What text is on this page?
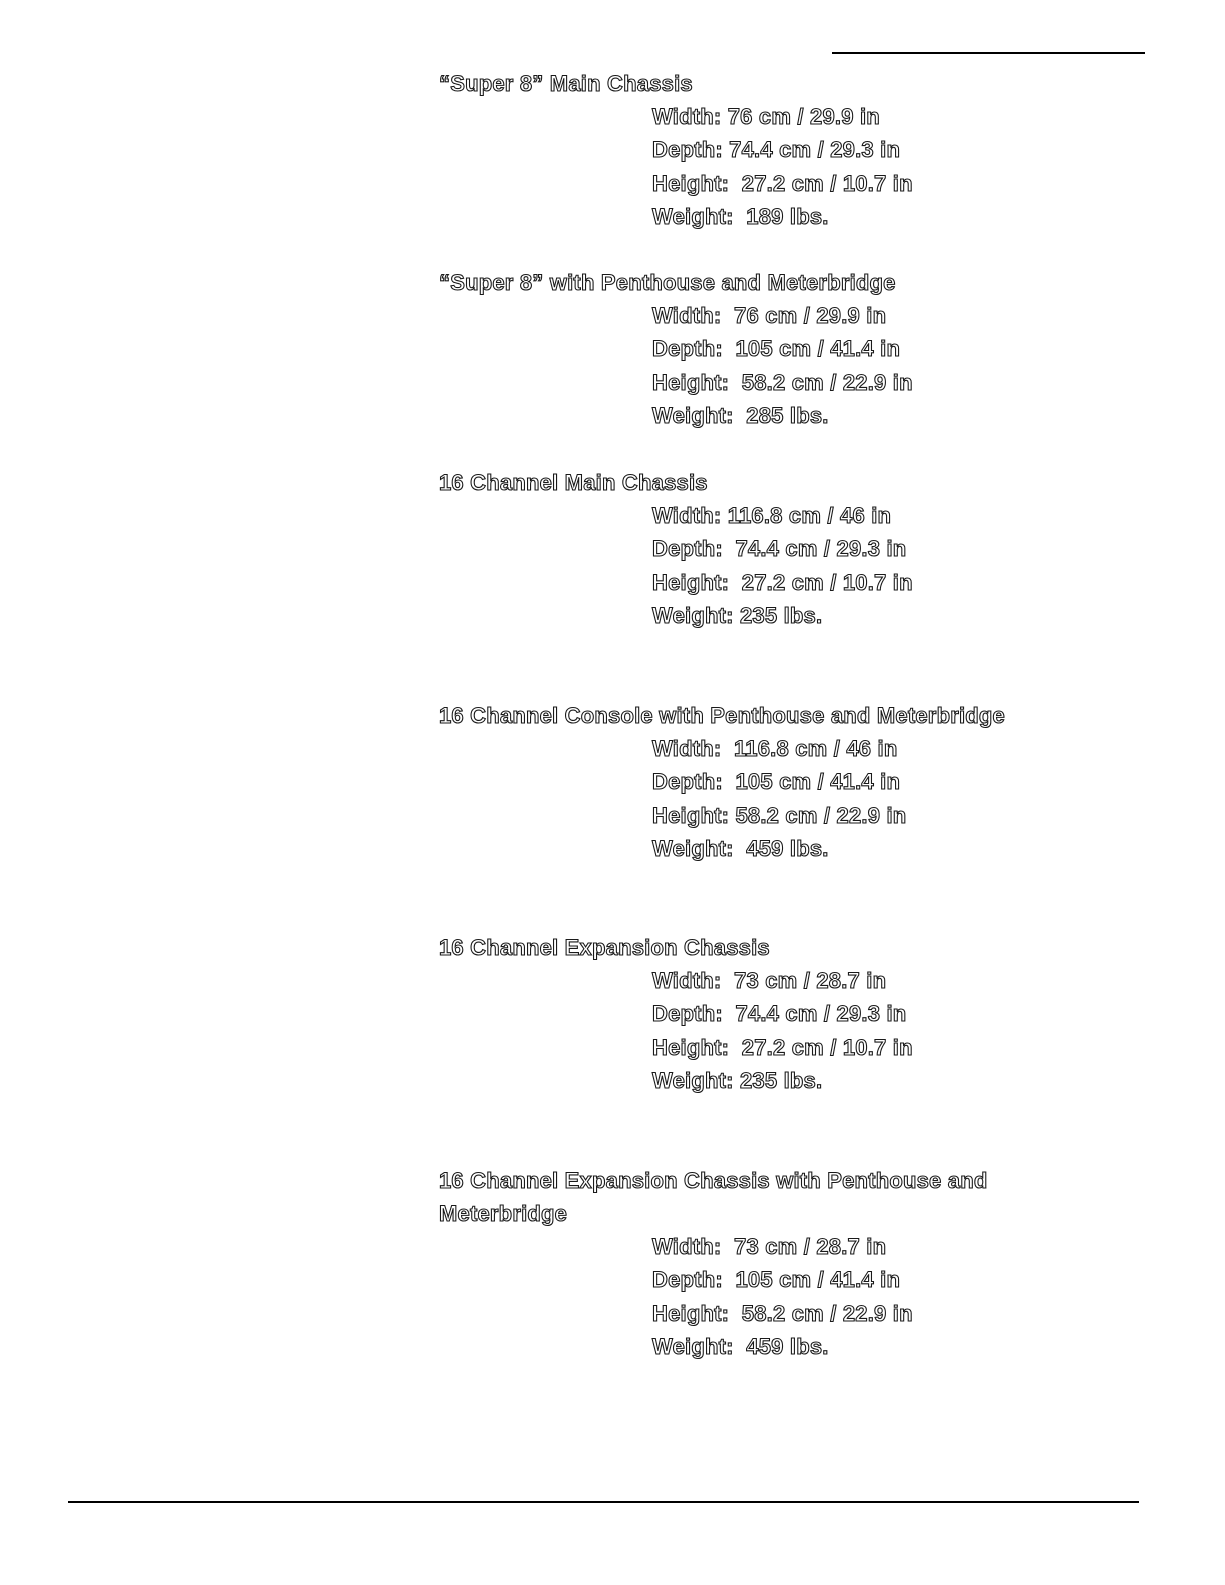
“Super 8” Main Chassis

Width: 76 cm / 29.9 in
Depth: 74.4 cm / 29.3 in
Height:  27.2 cm / 10.7 in
Weight:  189 lbs.

“Super 8” with Penthouse and Meterbridge

Width:  76 cm / 29.9 in
Depth:  105 cm / 41.4 in
Height:  58.2 cm / 22.9 in
Weight:  285 lbs.

16 Channel Main Chassis

Width: 116.8 cm / 46 in
Depth:  74.4 cm / 29.3 in
Height:  27.2 cm / 10.7 in
Weight: 235 lbs.

16 Channel Console with Penthouse and Meterbridge

Width:  116.8 cm / 46 in
Depth:  105 cm / 41.4 in
Height: 58.2 cm / 22.9 in
Weight:  459 lbs.

16 Channel Expansion Chassis

Width:  73 cm / 28.7 in
Depth:  74.4 cm / 29.3 in
Height:  27.2 cm / 10.7 in
Weight: 235 lbs.

16 Channel Expansion Chassis with Penthouse and Meterbridge

Width:  73 cm / 28.7 in
Depth:  105 cm / 41.4 in
Height:  58.2 cm / 22.9 in
Weight:  459 lbs.
